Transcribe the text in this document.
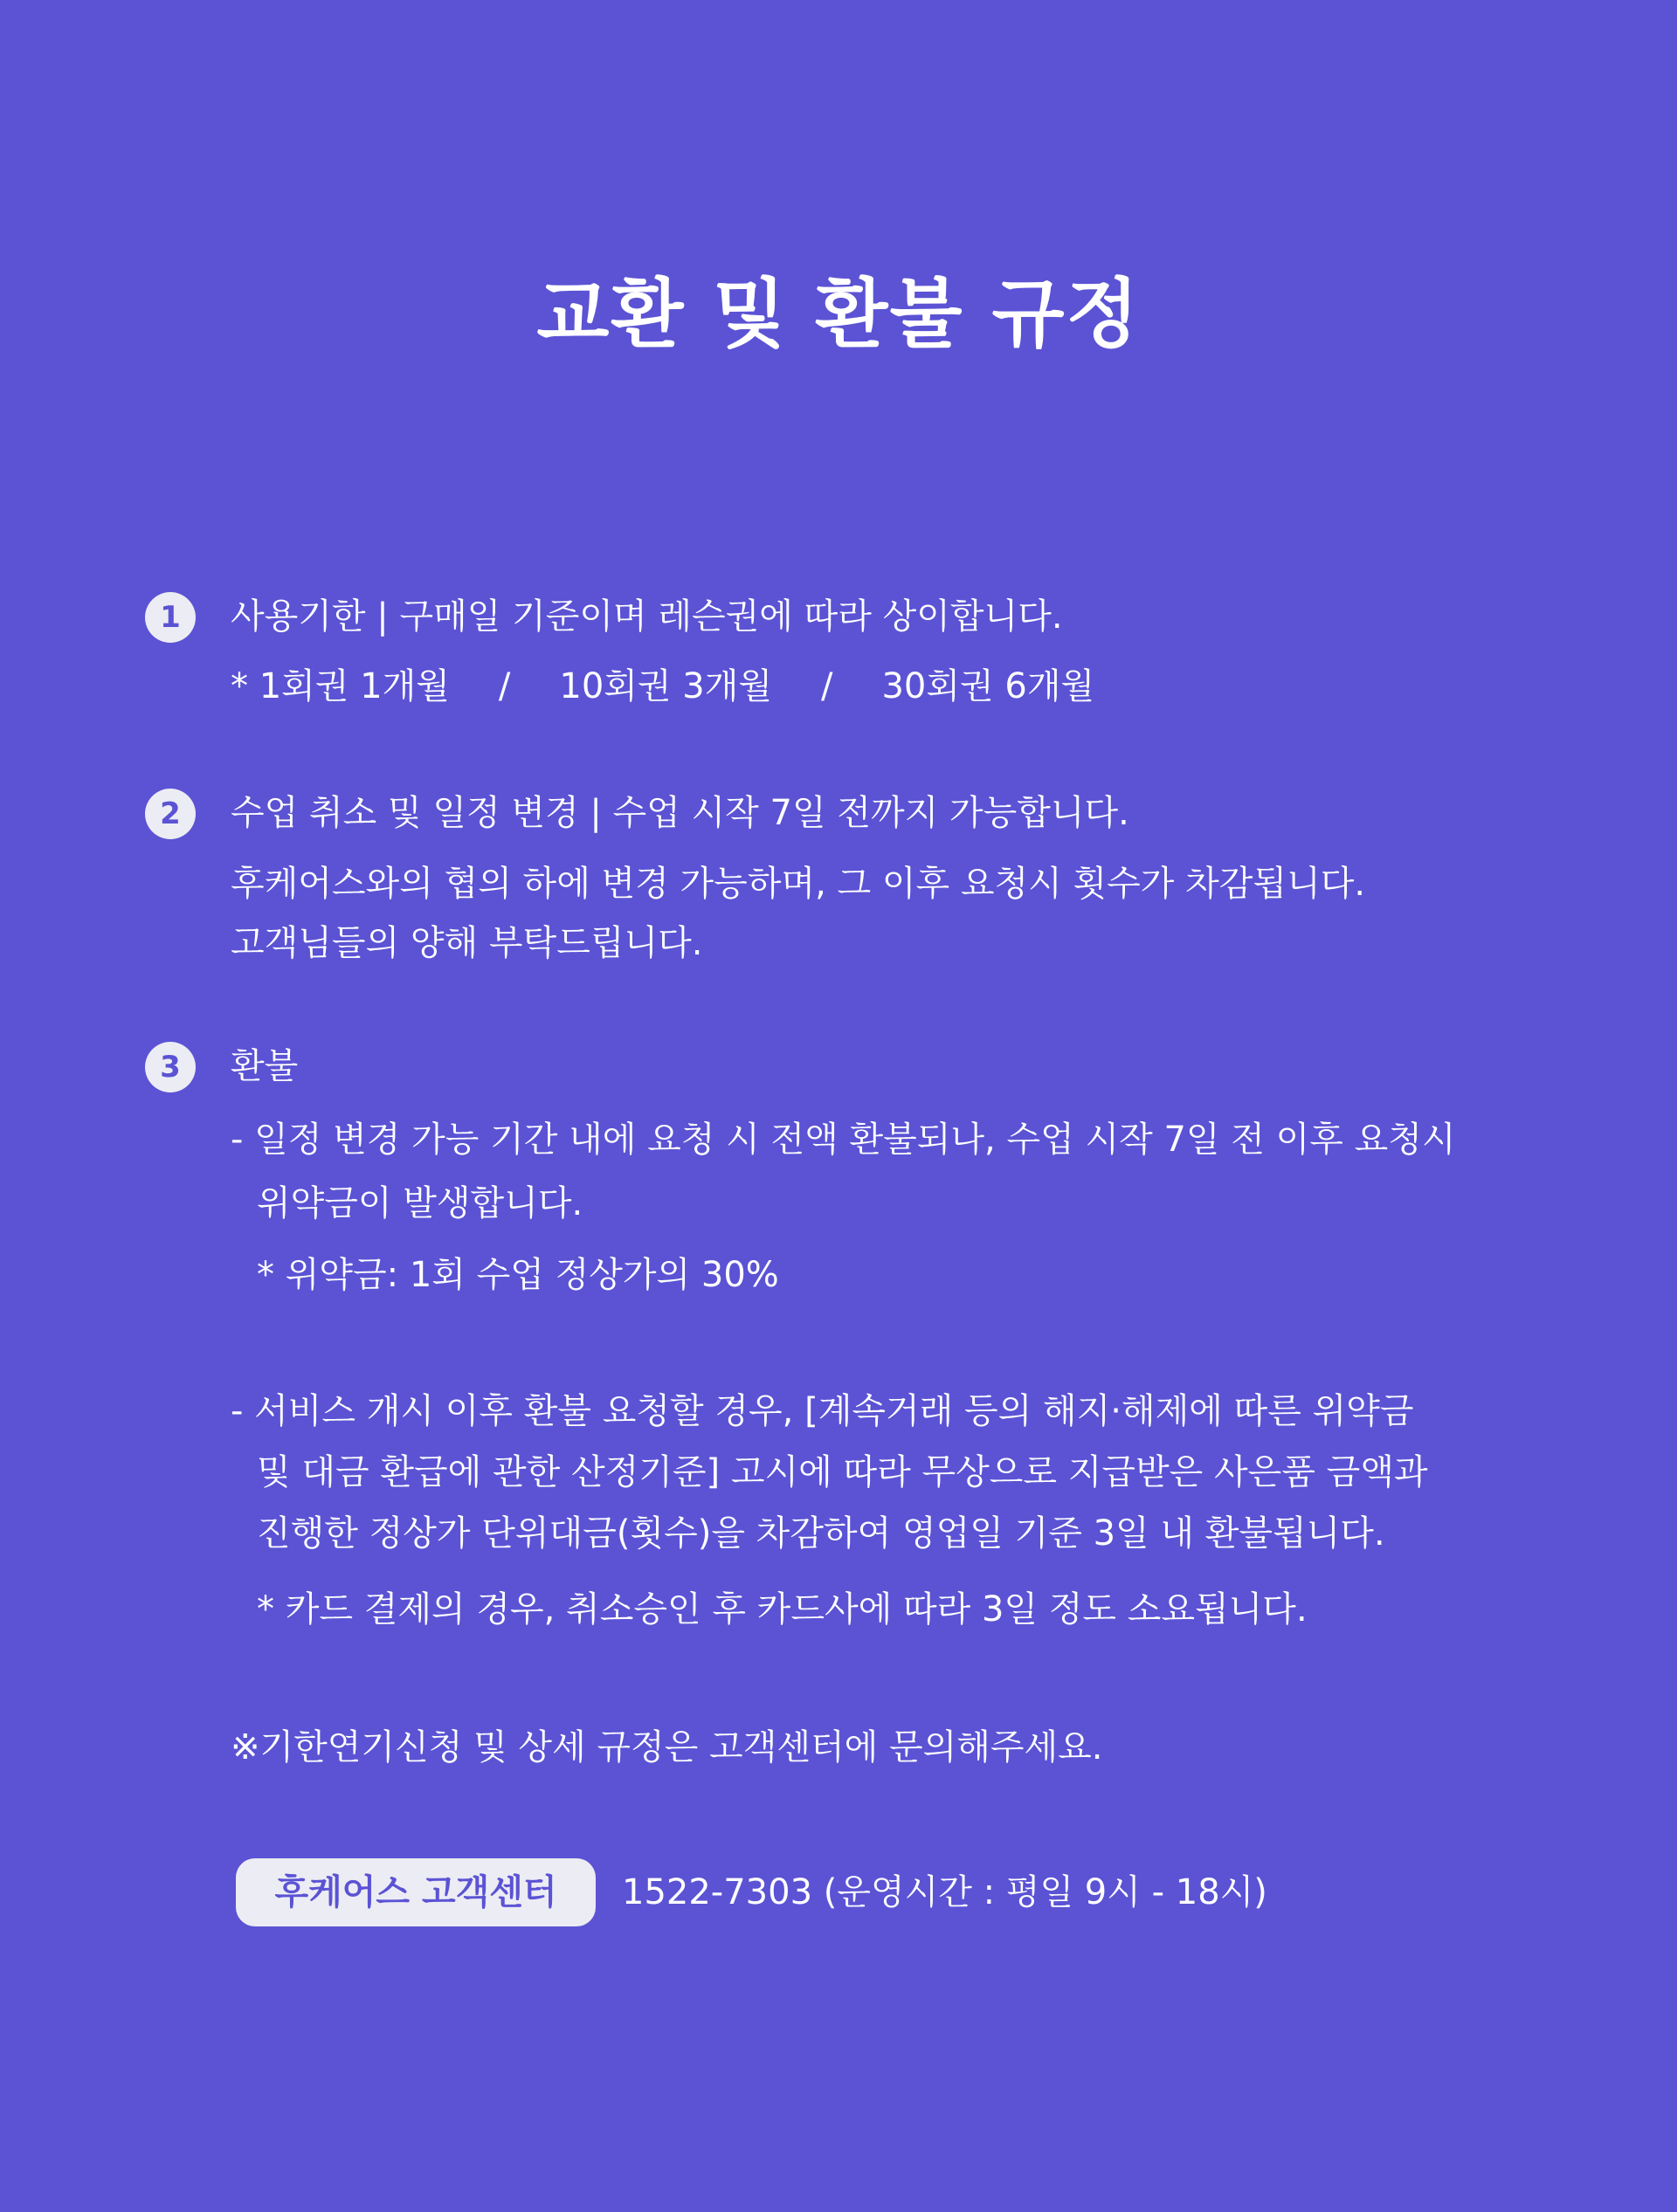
교환 및 환불 규정
1	사용기한 | 구매일 기준이며 레슨권에 따라 상이합니다.
* 1회권 1개월 / 10회권 3개월 / 30회권 6개월
2	수업 취소 및 일정 변경 | 수업 시작 7일 전까지 가능합니다.
후케어스와의 협의 하에 변경 가능하며, 그 이후 요청시 횟수가 차감됩니다.
고객님들의 양해 부탁드립니다.
3	환불
- 일정 변경 가능 기간 내에 요청 시 전액 환불되나, 수업 시작 7일 전 이후 요청시
위약금이 발생합니다.
* 위약금: 1회 수업 정상가의 30%
- 서비스 개시 이후 환불 요청할 경우, [계속거래 등의 해지·해제에 따른 위약금
및 대금 환급에 관한 산정기준] 고시에 따라 무상으로 지급받은 사은품 금액과
진행한 정상가 단위대금(횟수)을 차감하여 영업일 기준 3일 내 환불됩니다.
* 카드 결제의 경우, 취소승인 후 카드사에 따라 3일 정도 소요됩니다.
※기한연기신청 및 상세 규정은 고객센터에 문의해주세요.
후케어스 고객센터	1522-7303 (운영시간 : 평일 9시 - 18시)
